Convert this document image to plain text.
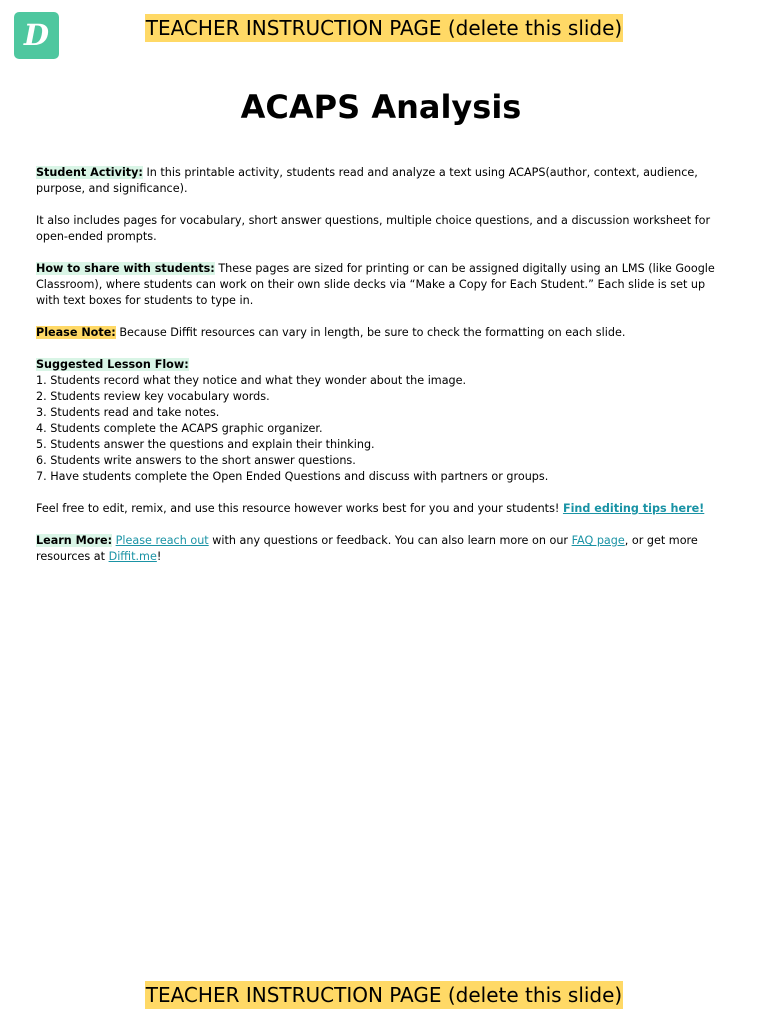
D	TEACHER INSTRUCTION PAGE (delete this slide)
ACAPS Analysis

Student Activity: In this printable activity, students read and analyze a text using ACAPS(author, context, audience, purpose, and significance).

It also includes pages for vocabulary, short answer questions, multiple choice questions, and a discussion worksheet for open-ended prompts.

How to share with students: These pages are sized for printing or can be assigned digitally using an LMS (like Google Classroom), where students can work on their own slide decks via “Make a Copy for Each Student.” Each slide is set up with text boxes for students to type in.

Please Note: Because Diffit resources can vary in length, be sure to check the formatting on each slide.

Suggested Lesson Flow:
1. Students record what they notice and what they wonder about the image.
2. Students review key vocabulary words.
3. Students read and take notes.
4. Students complete the ACAPS graphic organizer.
5. Students answer the questions and explain their thinking.
6. Students write answers to the short answer questions.
7. Have students complete the Open Ended Questions and discuss with partners or groups.

Feel free to edit, remix, and use this resource however works best for you and your students! Find editing tips here!

Learn More: Please reach out with any questions or feedback. You can also learn more on our FAQ page, or get more resources at Diffit.me!

TEACHER INSTRUCTION PAGE (delete this slide)
